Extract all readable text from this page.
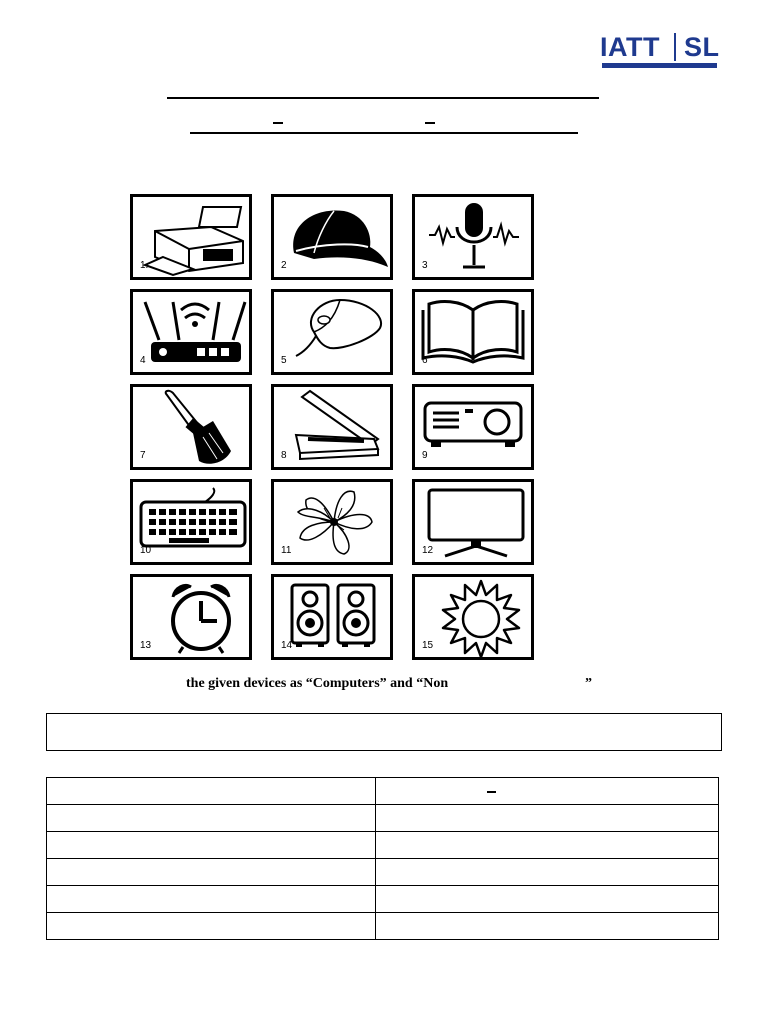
IATT SL
1.	2	3
4	5	6
7	8	9
10	11	12
13	14	15
the given devices as “Computers” and “Non	”
